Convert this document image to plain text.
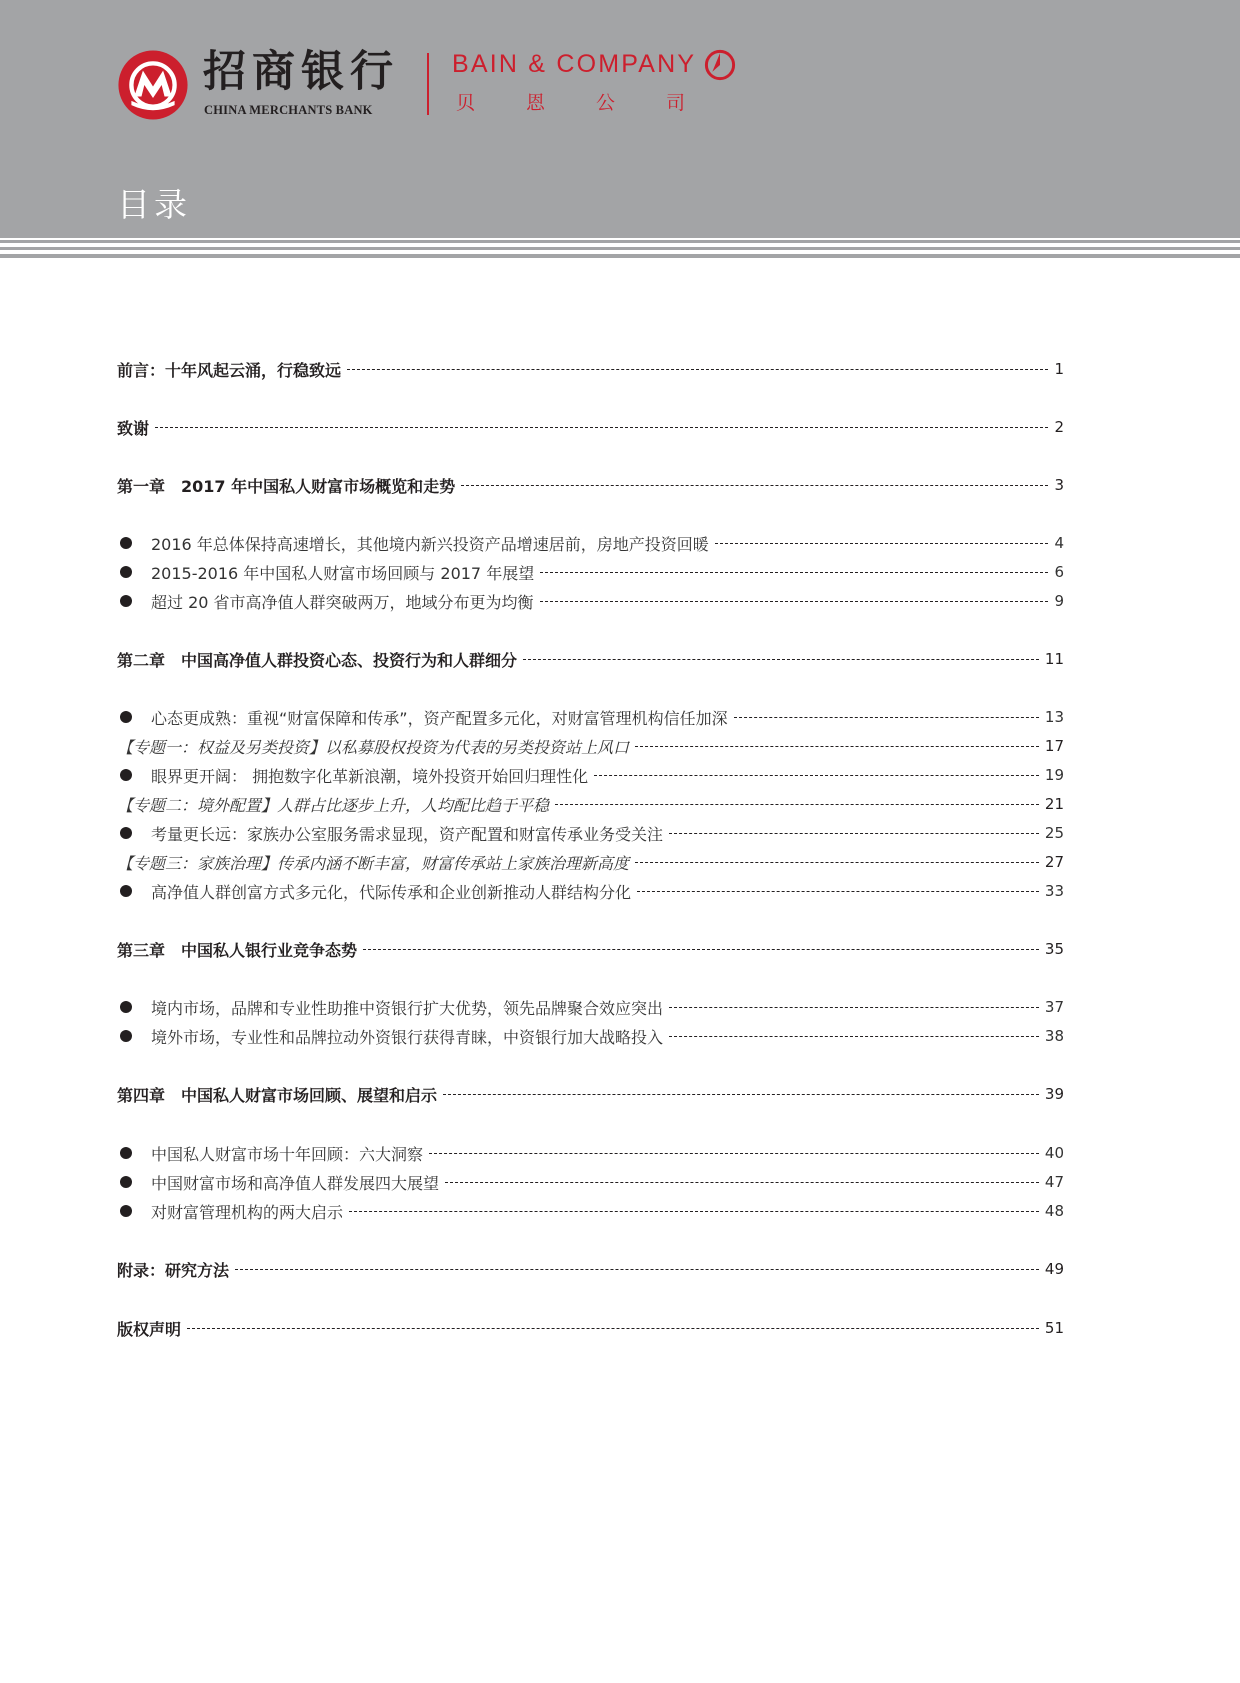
招商银行
CHINA MERCHANTS BANK
BAIN & COMPANY
贝恩公司
目录
前言：十年风起云涌，行稳致远	1
致谢	2
第一章　2017 年中国私人财富市场概览和走势	3
2016 年总体保持高速增长，其他境内新兴投资产品增速居前，房地产投资回暖	4
2015-2016 年中国私人财富市场回顾与 2017 年展望	6
超过 20 省市高净值人群突破两万，地域分布更为均衡	9
第二章　中国高净值人群投资心态、投资行为和人群细分	11
心态更成熟：重视“财富保障和传承”，资产配置多元化，对财富管理机构信任加深	13
【专题一：权益及另类投资】以私募股权投资为代表的另类投资站上风口	17
眼界更开阔： 拥抱数字化革新浪潮，境外投资开始回归理性化	19
【专题二：境外配置】人群占比逐步上升，人均配比趋于平稳	21
考量更长远：家族办公室服务需求显现，资产配置和财富传承业务受关注	25
【专题三：家族治理】传承内涵不断丰富，财富传承站上家族治理新高度	27
高净值人群创富方式多元化，代际传承和企业创新推动人群结构分化	33
第三章　中国私人银行业竞争态势	35
境内市场，品牌和专业性助推中资银行扩大优势，领先品牌聚合效应突出	37
境外市场，专业性和品牌拉动外资银行获得青睐，中资银行加大战略投入	38
第四章　中国私人财富市场回顾、展望和启示	39
中国私人财富市场十年回顾：六大洞察	40
中国财富市场和高净值人群发展四大展望	47
对财富管理机构的两大启示	48
附录：研究方法	49
版权声明	51
